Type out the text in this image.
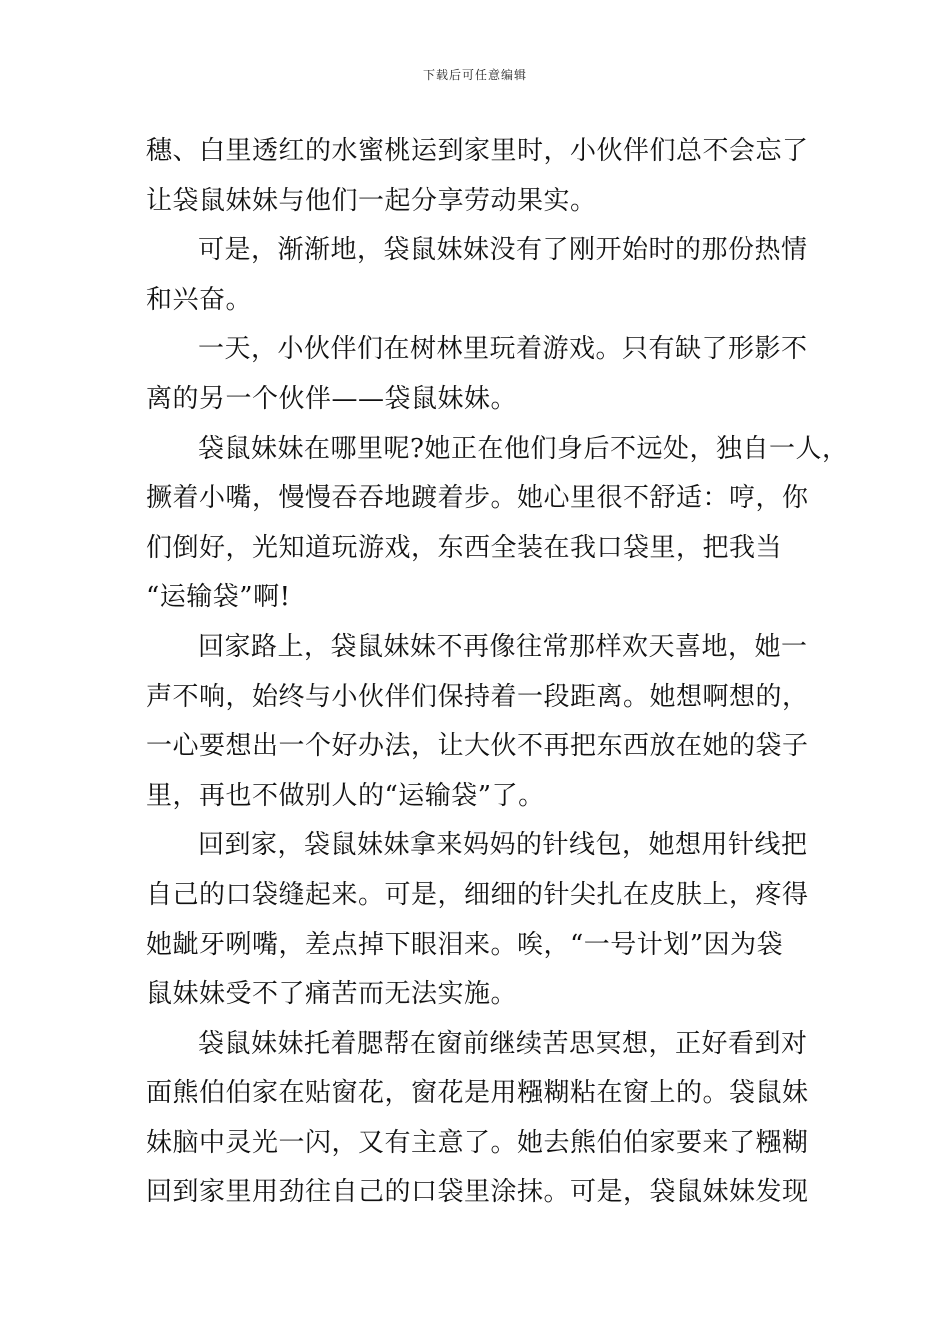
下载后可任意编辑
穗、白里透红的水蜜桃运到家里时，小伙伴们总不会忘了
让袋鼠妹妹与他们一起分享劳动果实。
可是，渐渐地，袋鼠妹妹没有了刚开始时的那份热情
和兴奋。
一天，小伙伴们在树林里玩着游戏。只有缺了形影不
离的另一个伙伴——袋鼠妹妹。
袋鼠妹妹在哪里呢?她正在他们身后不远处，独自一人，
撅着小嘴，慢慢吞吞地踱着步。她心里很不舒适：哼，你
们倒好，光知道玩游戏，东西全装在我口袋里，把我当
“运输袋”啊!
回家路上，袋鼠妹妹不再像往常那样欢天喜地，她一
声不响，始终与小伙伴们保持着一段距离。她想啊想的，
一心要想出一个好办法，让大伙不再把东西放在她的袋子
里，再也不做别人的“运输袋”了。
回到家，袋鼠妹妹拿来妈妈的针线包，她想用针线把
自己的口袋缝起来。可是，细细的针尖扎在皮肤上，疼得
她龇牙咧嘴，差点掉下眼泪来。唉，“一号计划”因为袋
鼠妹妹受不了痛苦而无法实施。
袋鼠妹妹托着腮帮在窗前继续苦思冥想，正好看到对
面熊伯伯家在贴窗花，窗花是用糨糊粘在窗上的。袋鼠妹
妹脑中灵光一闪，又有主意了。她去熊伯伯家要来了糨糊
回到家里用劲往自己的口袋里涂抹。可是，袋鼠妹妹发现
